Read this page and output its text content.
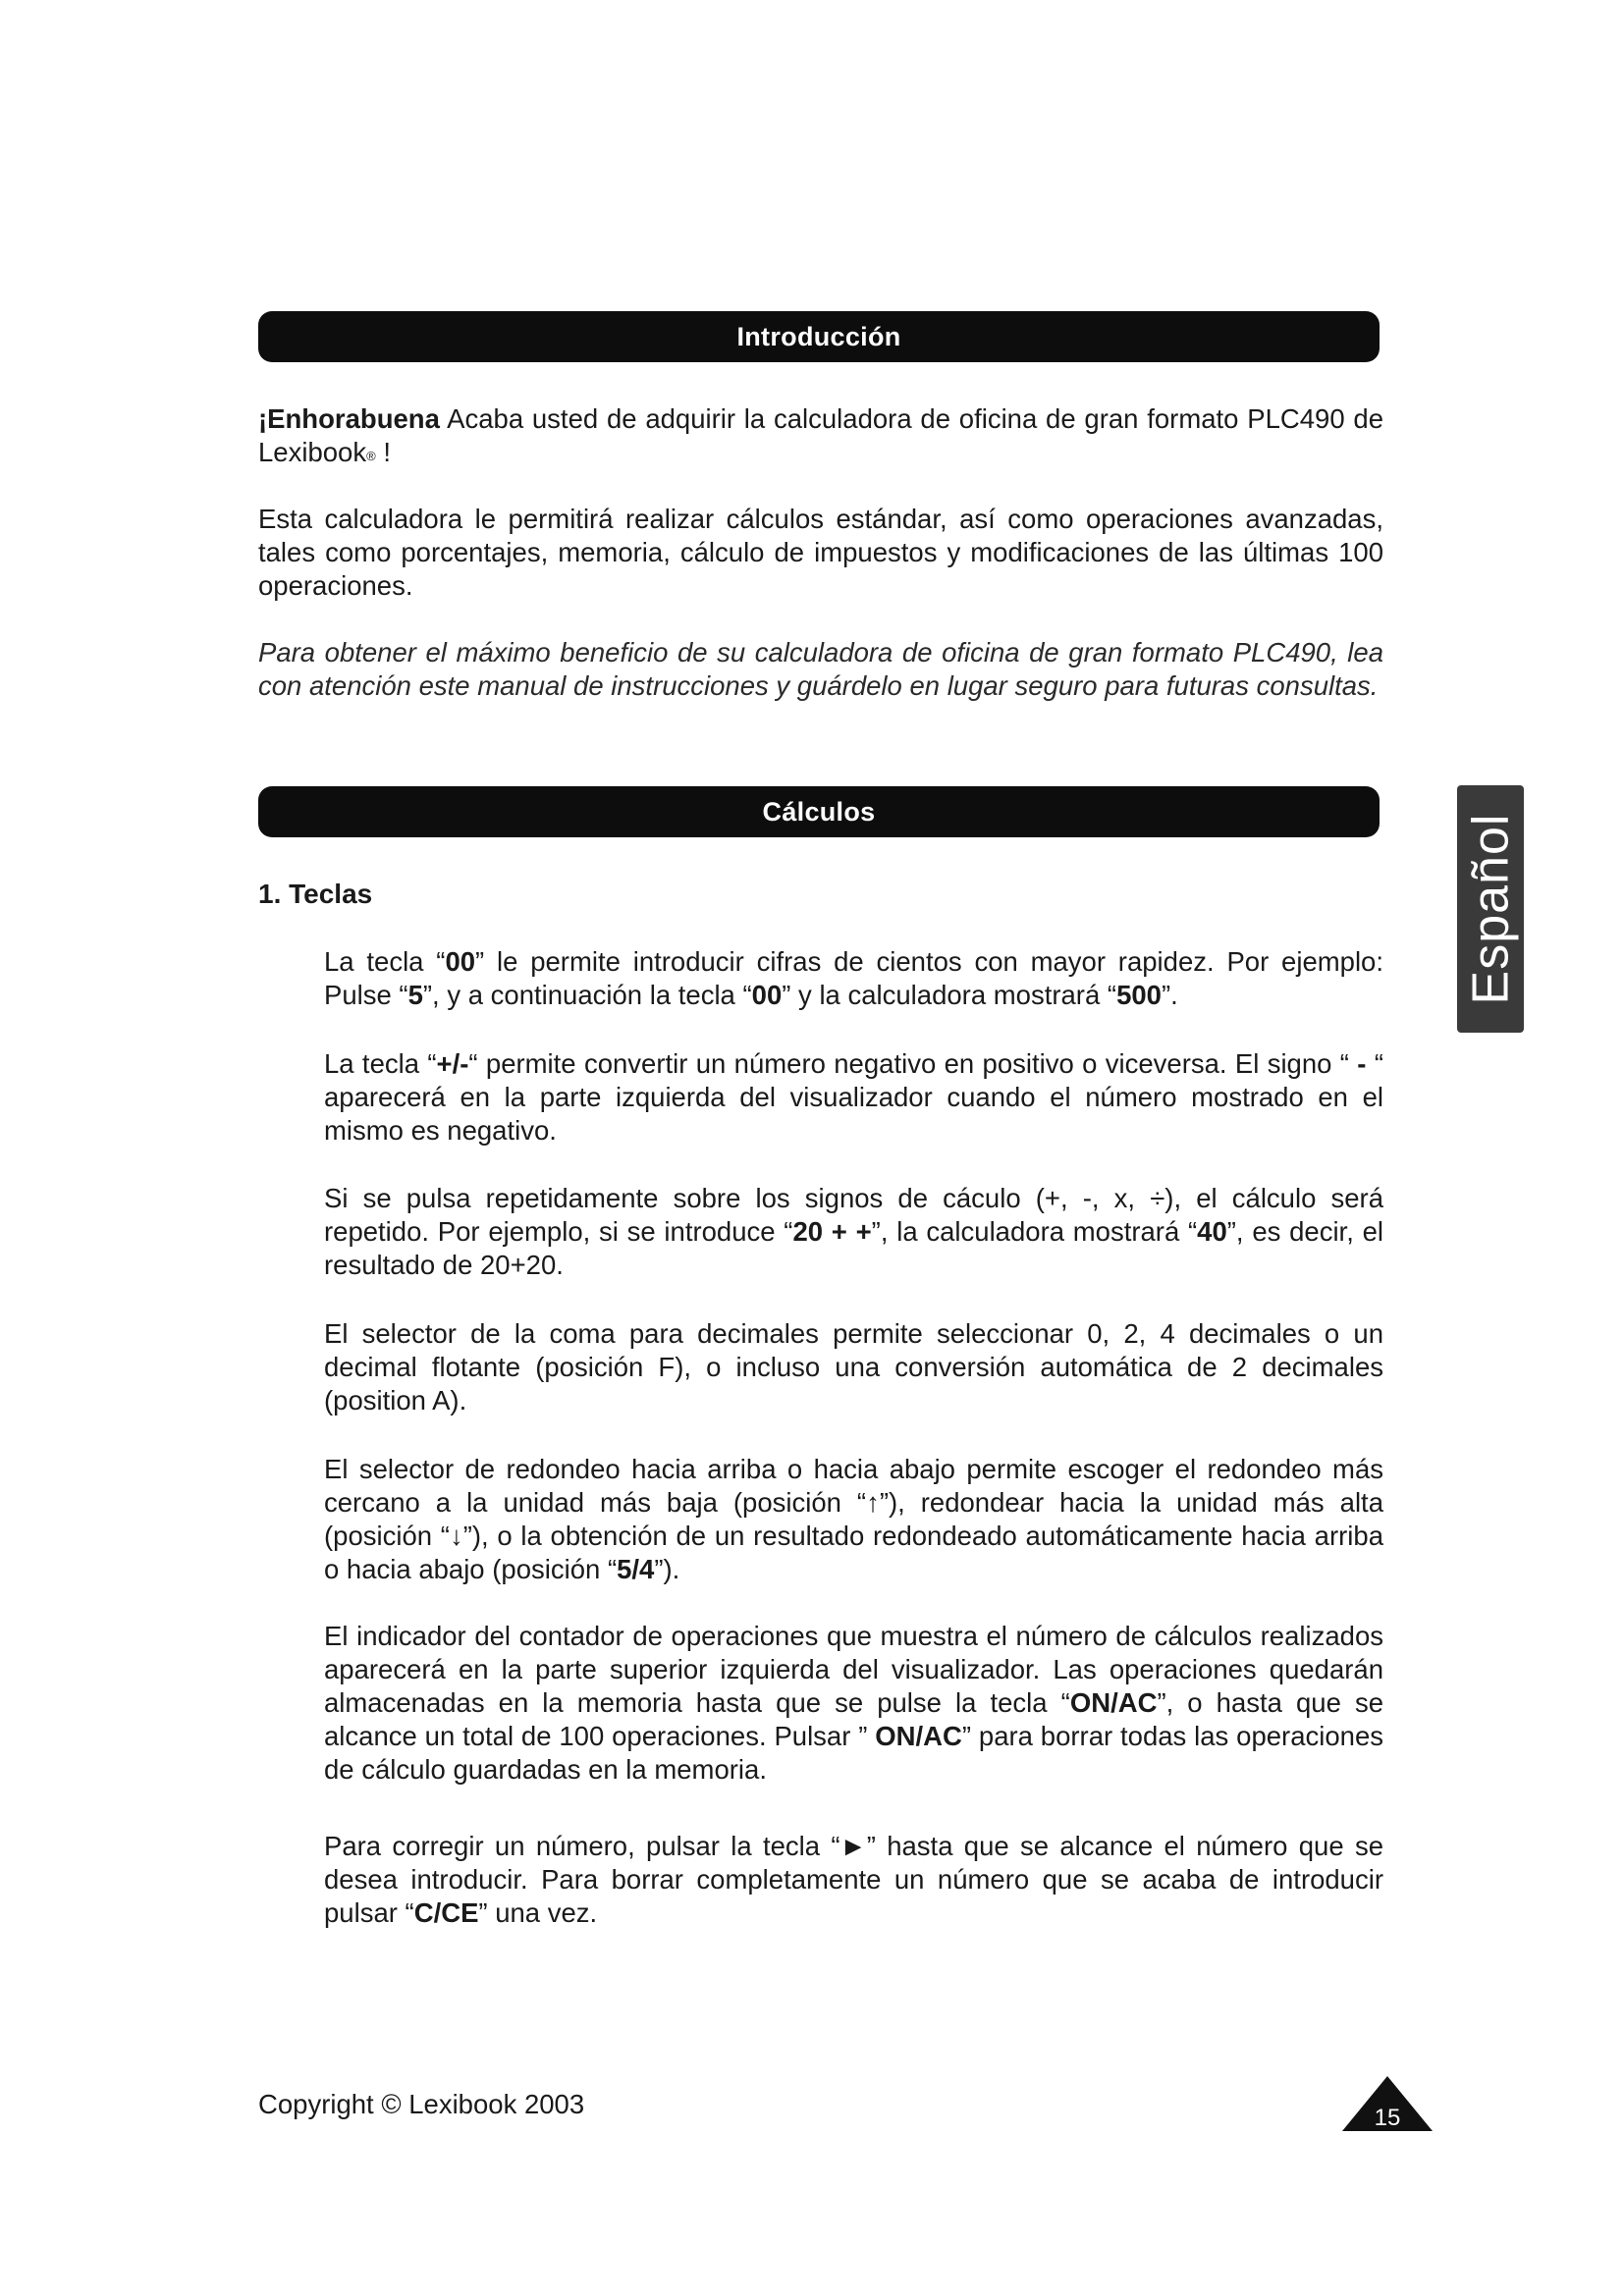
Introducción

¡Enhorabuena Acaba usted de adquirir la calculadora de oficina de gran formato PLC490 de Lexibook® !

Esta calculadora le permitirá realizar cálculos estándar, así como operaciones avanzadas, tales como porcentajes, memoria, cálculo de impuestos y modificaciones de las últimas 100 operaciones.

Para obtener el máximo beneficio de su calculadora de oficina de gran formato PLC490, lea con atención este manual de instrucciones y guárdelo en lugar seguro para futuras consultas.

Cálculos
1. Teclas

La tecla “00” le permite introducir cifras de cientos con mayor rapidez. Por ejemplo: Pulse “5”, y a continuación la tecla “00” y la calculadora mostrará “500”.

La tecla “+/-“ permite convertir un número negativo en positivo o viceversa. El signo “ - “ aparecerá en la parte izquierda del visualizador cuando el número mostrado en el mismo es negativo.

Si se pulsa repetidamente sobre los signos de cáculo (+, -, x, ÷), el cálculo será repetido. Por ejemplo, si se introduce “20 + +”, la calculadora mostrará “40”, es decir, el resultado de 20+20.

El selector de la coma para decimales permite seleccionar 0, 2, 4 decimales o un decimal flotante (posición F), o incluso una conversión automática de 2 decimales (position A).

El selector de redondeo hacia arriba o hacia abajo permite escoger el redondeo más cercano a la unidad más baja (posición “↑”), redondear hacia la unidad más alta (posición “↓”), o la obtención de un resultado redondeado automáticamente hacia arriba o hacia abajo (posición “5/4”).

El indicador del contador de operaciones que muestra el número de cálculos realizados aparecerá en la parte superior izquierda del visualizador. Las operaciones quedarán almacenadas en la memoria hasta que se pulse la tecla “ON/AC”, o hasta que se alcance un total de 100 operaciones. Pulsar ” ON/AC” para borrar todas las operaciones de cálculo guardadas en la memoria.

Para corregir un número, pulsar la tecla “►” hasta que se alcance el número que se desea introducir. Para borrar completamente un número que se acaba de introducir pulsar “C/CE” una vez.

Español

Copyright © Lexibook 2003	15
